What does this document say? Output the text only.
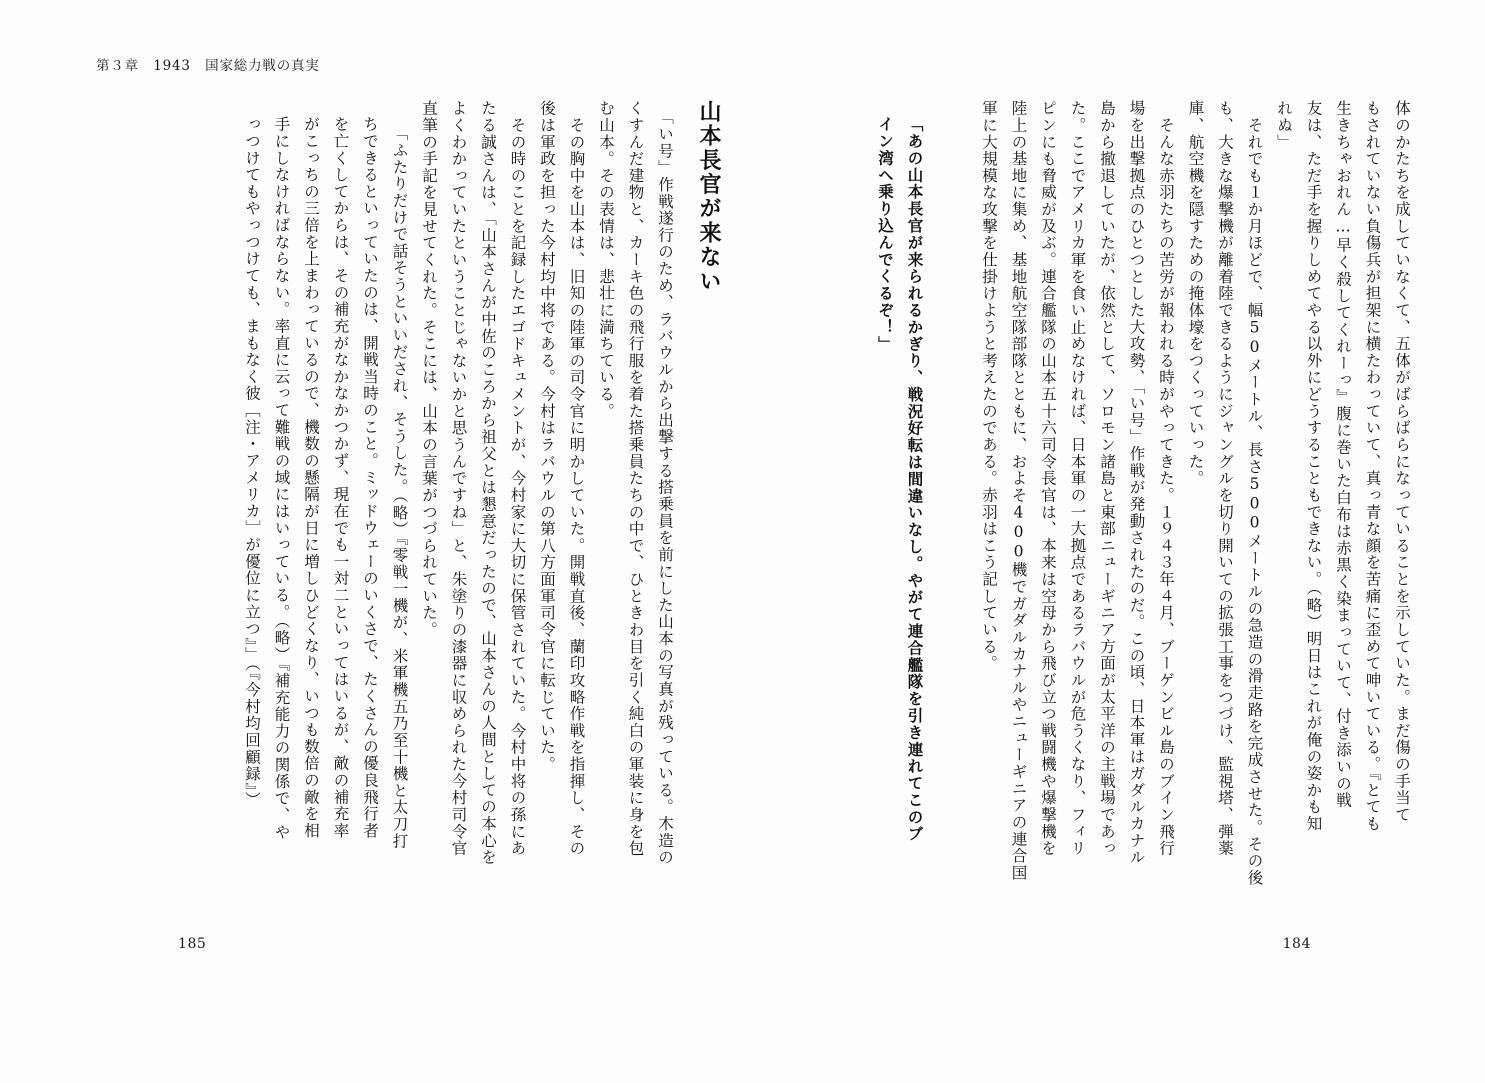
第３章　1943　国家総力戦の真実
体のかたちを成していなくて、五体がばらばらになっていることを示していた。まだ傷の手当て
もされていない負傷兵が担架に横たわっていて、真っ青な顔を苦痛に歪めて呻いている。『とても
生きちゃおれん…早く殺してくれーっ』腹に巻いた白布は赤黒く染まっていて、付き添いの戦
友は、ただ手を握りしめてやる以外にどうすることもできない。（略）明日はこれが俺の姿かも知
れぬ」
　それでも１か月ほどで、幅50メートル、長さ500メートルの急造の滑走路を完成させた。その後
も、大きな爆撃機が離着陸できるようにジャングルを切り開いての拡張工事をつづけ、監視塔、弾薬
庫、航空機を隠すための掩体壕をつくっていった。
　そんな赤羽たちの苦労が報われる時がやってきた。１９４３年４月、ブーゲンビル島のブイン飛行
場を出撃拠点のひとつとした大攻勢、「い号」作戦が発動されたのだ。この頃、日本軍はガダルカナル
島から撤退していたが、依然として、ソロモン諸島と東部ニューギニア方面が太平洋の主戦場であっ
た。ここでアメリカ軍を食い止めなければ、日本軍の一大拠点であるラバウルが危うくなり、フィリ
ピンにも脅威が及ぶ。連合艦隊の山本五十六司令長官は、本来は空母から飛び立つ戦闘機や爆撃機を
陸上の基地に集め、基地航空隊部隊とともに、およそ400機でガダルカナルやニューギニアの連合国
軍に大規模な攻撃を仕掛けようと考えたのである。赤羽はこう記している。
「あの山本長官が来られるかぎり、戦況好転は間違いなし。やがて連合艦隊を引き連れてこのブ
イン湾へ乗り込んでくるぞ！」
184
山本長官が来ない
　「い号」作戦遂行のため、ラバウルから出撃する搭乗員を前にした山本の写真が残っている。木造の
くすんだ建物と、カーキ色の飛行服を着た搭乗員たちの中で、ひときわ目を引く純白の軍装に身を包
む山本。その表情は、悲壮に満ちている。
　その胸中を山本は、旧知の陸軍の司令官に明かしていた。開戦直後、蘭印攻略作戦を指揮し、その
後は軍政を担った今村均中将である。今村はラバウルの第八方面軍司令官に転じていた。
　その時のことを記録したエゴドキュメントが、今村家に大切に保管されていた。今村中将の孫にあ
たる誠さんは、「山本さんが中佐のころから祖父とは懇意だったので、山本さんの人間としての本心を
よくわかっていたということじゃないかと思うんですね」と、朱塗りの漆器に収められた今村司令官
直筆の手記を見せてくれた。そこには、山本の言葉がつづられていた。
　「ふたりだけで話そうといいだされ、そうした。（略）『零戦一機が、米軍機五乃至十機と太刀打
ちできるといっていたのは、開戦当時のこと。ミッドウェーのいくさで、たくさんの優良飛行者
を亡くしてからは、その補充がなかなかつかず、現在でも一対二といってはいるが、敵の補充率
がこっちの三倍を上まわっているので、機数の懸隔が日に増しひどくなり、いつも数倍の敵を相
手にしなければならない。率直に云って難戦の域にはいっている。（略）『補充能力の関係で、や
っつけてもやっつけても、まもなく彼［注・アメリカ］が優位に立つ』」（『今村均回顧録』）
185
